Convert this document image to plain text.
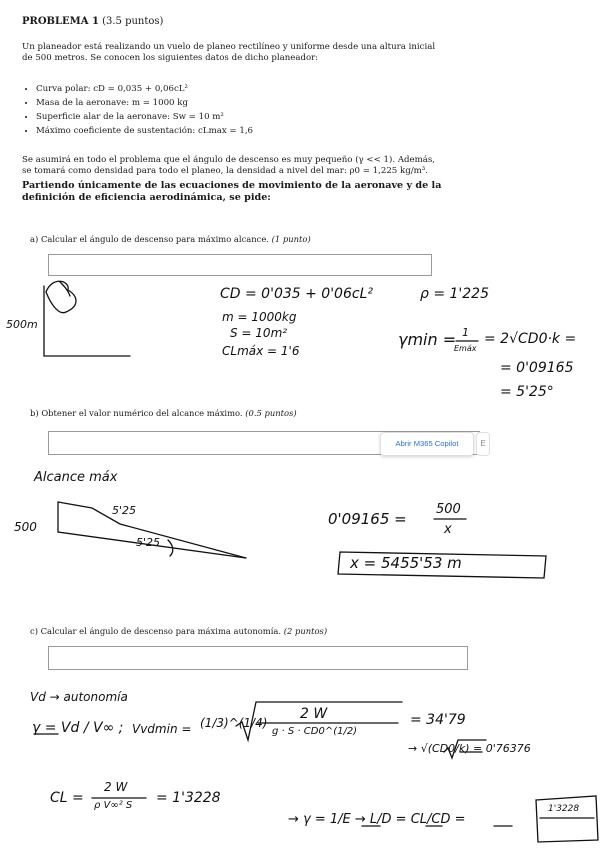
PROBLEMA 1 (3.5 puntos)
Un planeador está realizando un vuelo de planeo rectilíneo y uniforme desde una altura inicial de 500 metros. Se conocen los siguientes datos de dicho planeador:
• Curva polar: cD = 0,035 + 0,06cL²
• Masa de la aeronave: m = 1000 kg
• Superficie alar de la aeronave: Sw = 10 m²
• Máximo coeficiente de sustentación: cLmax = 1,6
Se asumirá en todo el problema que el ángulo de descenso es muy pequeño (γ << 1). Además, se tomará como densidad para todo el planeo, la densidad a nivel del mar: ρ0 = 1,225 kg/m³.
Partiendo únicamente de las ecuaciones de movimiento de la aeronave y de la definición de eficiencia aerodinámica, se pide:
a) Calcular el ángulo de descenso para máximo alcance. (1 punto)
b) Obtener el valor numérico del alcance máximo. (0.5 puntos)
Abrir M365 Copilot	E
c) Calcular el ángulo de descenso para máxima autonomía. (2 puntos)
500m
CD = 0'035 + 0'06cL²	ρ = 1'225
m = 1000kg
S = 10m²
CLmáx = 1'6
γmin = 1
Emáx
= 2√CD0·k =
= 0'09165
= 5'25°
Alcance máx
500
5'25
5'25
0'09165 =
500
x
x = 5455'53 m
Vd → autonomía
γ = Vd / V∞ ; Vvdmin = (1/3)^(1/4)
2 W
g · S · CD0^(1/2)
= 34'79
→ √(CD0/k) = 0'76376
CL =
2 W
ρ V∞² S = 1'3228
→ γ = 1/E → L/D = CL/CD =
1'3228
